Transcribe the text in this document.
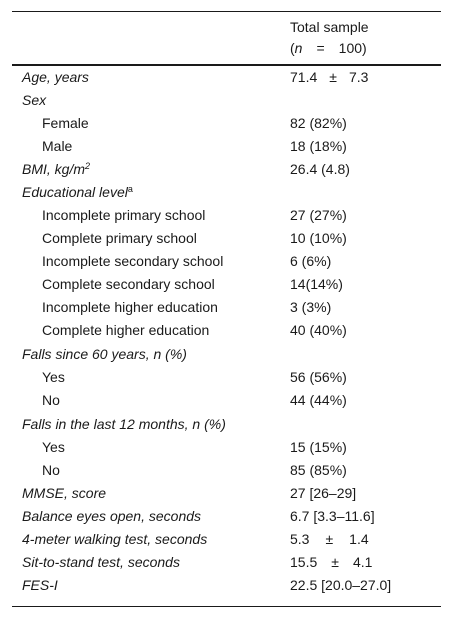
Total sample
(n = 100)
Age, years	71.4 ± 7.3
Sex
Female	82 (82%)
Male	18 (18%)
BMI, $kg/m^2$	26.4 (4.8)
Educational level$^a$
Incomplete primary school	27 (27%)
Complete primary school	10 (10%)
Incomplete secondary school	6 (6%)
Complete secondary school	14(14%)
Incomplete higher education	3 (3%)
Complete higher education	40 (40%)
Falls since 60 years, n (%)
Yes	56 (56%)
No	44 (44%)
Falls in the last 12 months, n (%)
Yes	15 (15%)
No	85 (85%)
MMSE, score	27 [26–29]
Balance eyes open, seconds	6.7 [3.3–11.6]
4-meter walking test, seconds	5.3 ± 1.4
Sit-to-stand test, seconds	15.5 ± 4.1
FES-I	22.5 [20.0–27.0]
